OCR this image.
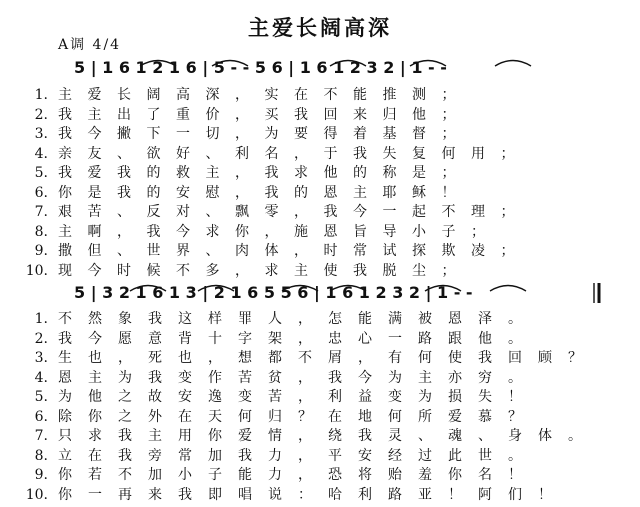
主爱长阔高深
A调 4/4
5 | 1 6 1 2 1 6 | 5 - - 5 6 | 1 6 1 2 3 2 | 1 - -
1. 主爱长阔高深，实在不能推测；
2. 我主出了重价，买我回来归他；
3. 我今撇下一切，为要得着基督；
4. 亲友、欲好、利名，于我失复何用；
5. 我爱我的救主，我求他的称是；
6. 你是我的安慰，我的恩主耶稣！
7. 艰苦、反对、飘零，我今一起不理；
8. 主啊，我今求你，施恩旨导小子；
9. 撒但、世界、肉体，时常试探欺凌；
10. 现今时候不多，求主使我脱尘；
5 | 3 2 1 6 1 3 | 2 1 6 5 5 6 | 1 6 1 2 3 2 | 1 - -
1. 不然象我这样罪人，怎能满被恩泽。
2. 我今愿意背十字架，忠心一路跟他。
3. 生也，死也，想都不屑，有何使我回顾？
4. 恩主为我变作苦贫，我今为主亦穷。
5. 为他之故安逸变苦，利益变为损失！
6. 除你之外在天何归？在地何所爱慕？
7. 只求我主用你爱情，绕我灵、魂、身体。
8. 立在我旁常加我力，平安经过此世。
9. 你若不加小子能力，恐将贻羞你名！
10. 你一再来我即唱说：哈利路亚！阿们！
